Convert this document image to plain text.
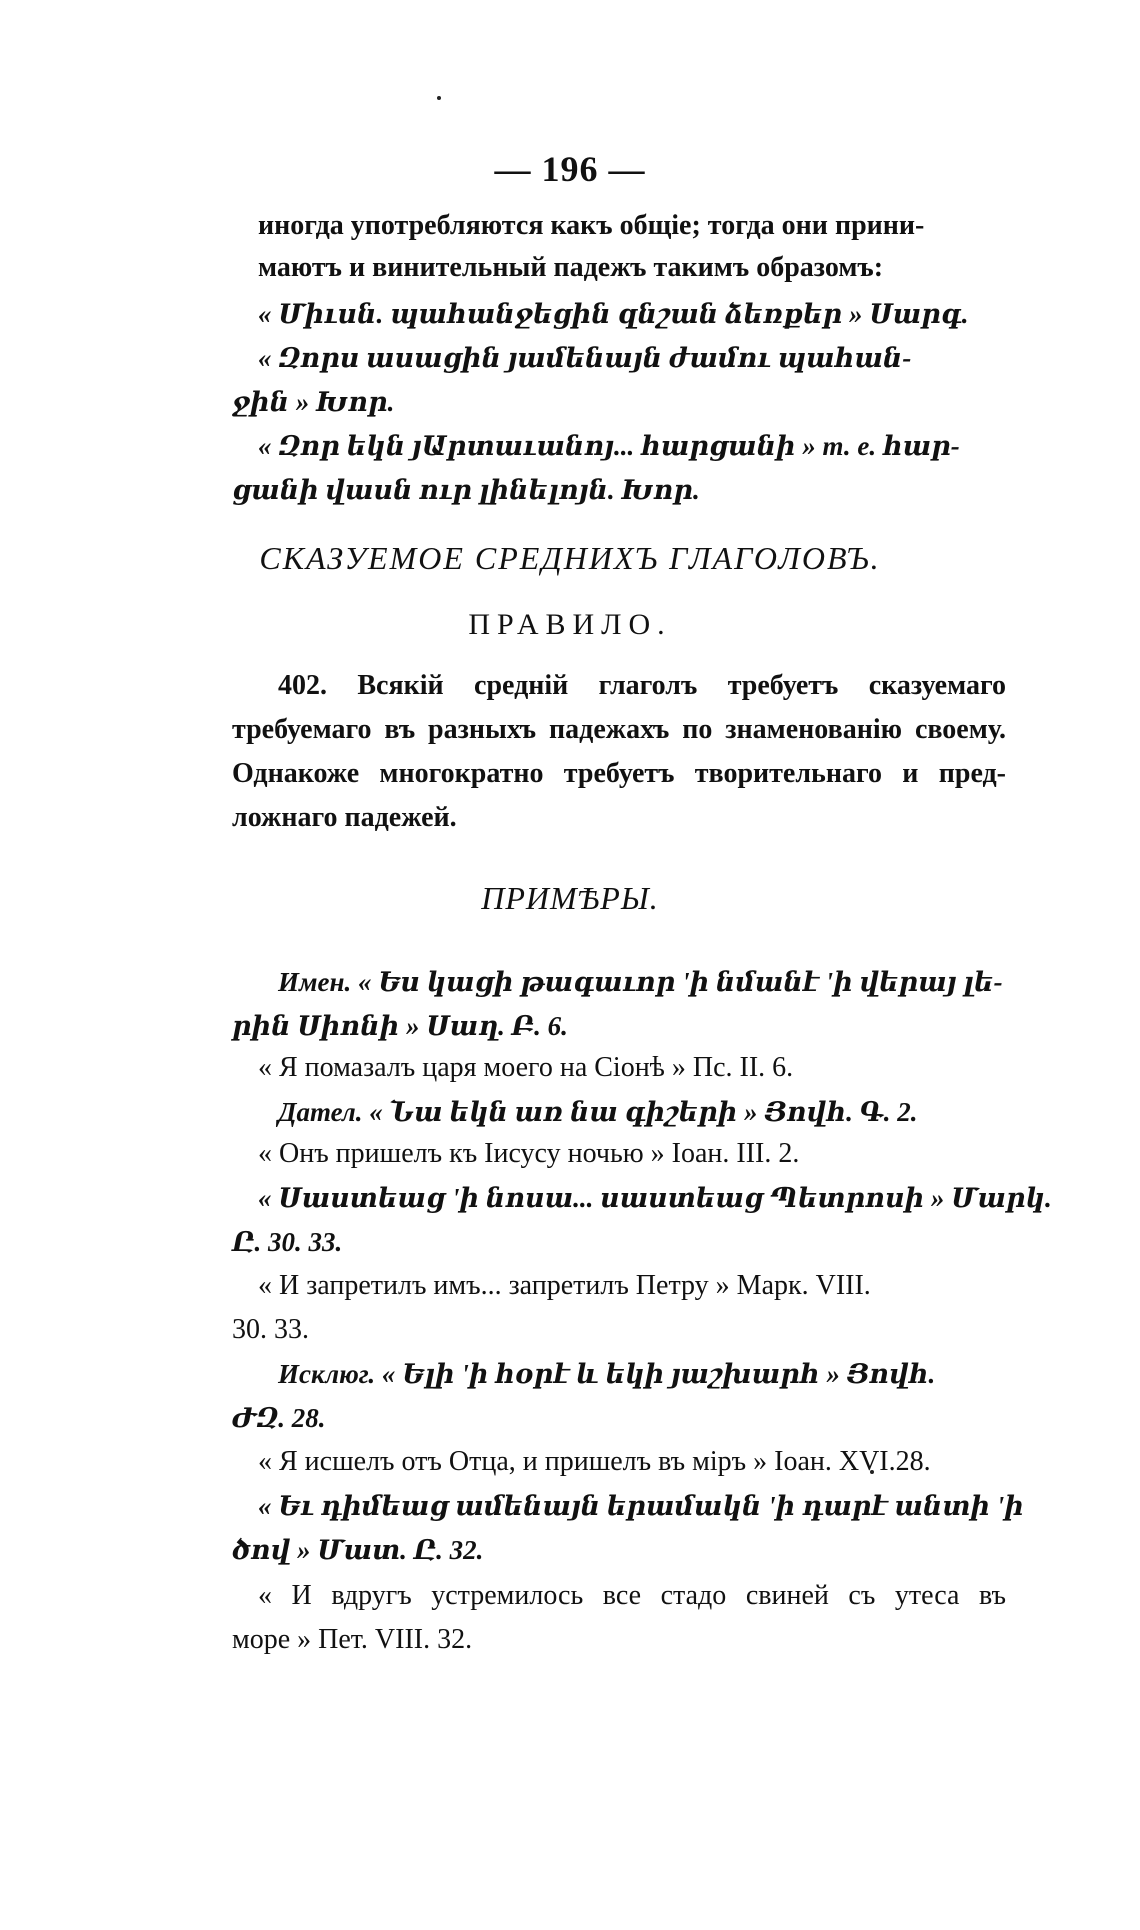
— 196 —
иногда употребляются какъ общіе; тогда они прини-
маютъ и винительный падежъ такимъ образомъ:
« Միւսն. պահանջեցին զնշան ձեռքեր » Սարգ.
« Զորս ասացին յամենայն ժամու պահան-
ջին » Խոր.
« Զոր եկն յԱրտաւանոյ... հարցանի » т. е. հար-
ցանի վասն ուր լինելոյն. Խոր.
СКАЗУЕМОЕ СРЕДНИХЪ ГЛАГОЛОВЪ.
ПРАВИЛО.
402. Всякій средній глаголъ требуетъ сказуемаго
требуемаго въ разныхъ падежахъ по знаменованію своему.
Однакоже многократно требуетъ творительнаго и пред-
ложнаго падежей.
ПРИМѢРЫ.
Имен. « Ես կացի թագաւոր 'ի նմանէ 'ի վերայ լե-
րին Սիոնի » Սաղ. Բ. 6.
« Я помазалъ царя моего на Сіонѣ » Пс. II. 6.
Дател. « Նա եկն առ նա գիշերի » Յովհ. Գ. 2.
« Онъ пришелъ къ Іисусу ночью » Іоан. III. 2.
« Սաստեաց 'ի նոսա... սաստեաց Պետրոսի » Մարկ.
Ը. 30. 33.
« И запретилъ имъ... запретилъ Петру » Марк. VIII.
30. 33.
Исклюг. « Ելի 'ի հօրէ և եկի յաշխարհ » Յովհ.
ԺԶ. 28.
« Я исшелъ отъ Отца, и пришелъ въ міръ » Іоан. XVI.28.
« Եւ դիմեաց ամենայն երամակն 'ի դարէ անտի 'ի
ծով » Մատ. Ը. 32.
« И вдругъ устремилось все стадо свиней съ утеса въ
море » Пет. VIII. 32.
